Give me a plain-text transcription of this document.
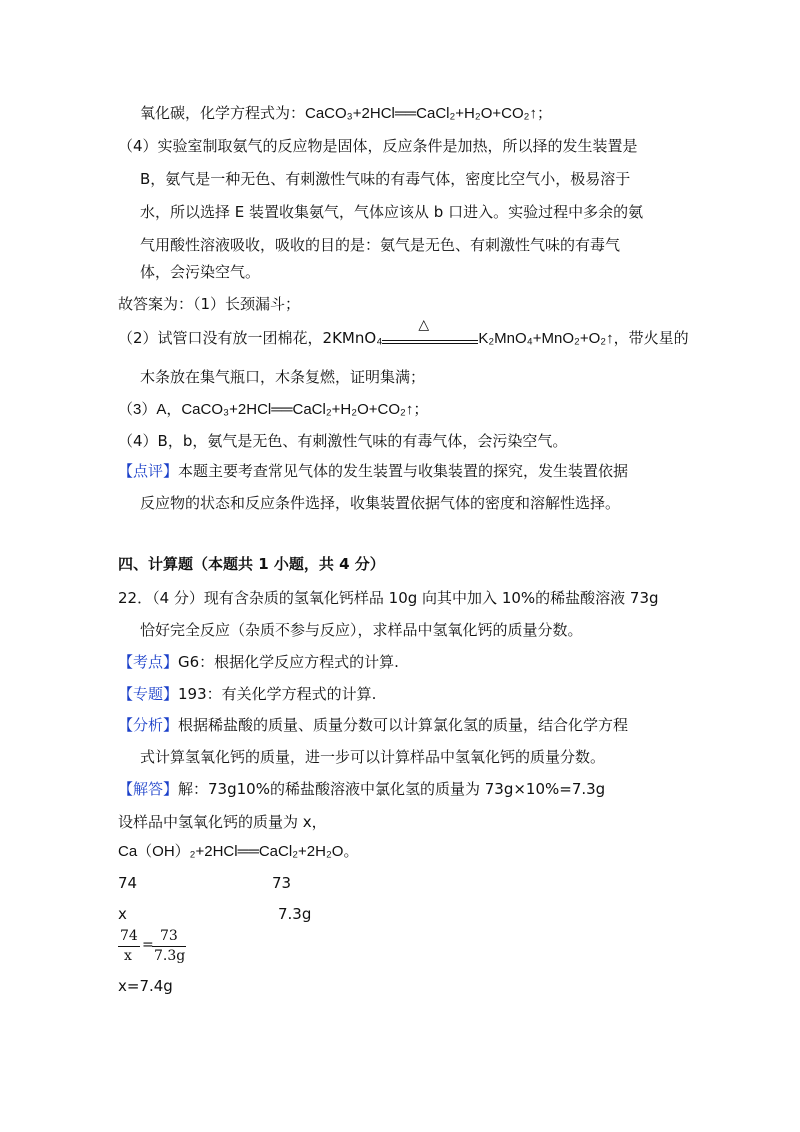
氧化碳，化学方程式为：CaCO₃+2HCl══CaCl₂+H₂O+CO₂↑；
（4）实验室制取氨气的反应物是固体，反应条件是加热，所以择的发生装置是
B，氨气是一种无色、有刺激性气味的有毒气体，密度比空气小，极易溶于
水，所以选择 E 装置收集氨气，气体应该从 b 口进入。实验过程中多余的氨
气用酸性溶液吸收，吸收的目的是：氨气是无色、有刺激性气味的有毒气
体，会污染空气。
故答案为：（1）长颈漏斗；
（2）试管口没有放一团棉花，2KMnO₄
△
K₂MnO₄+MnO₂+O₂↑，带火星的
木条放在集气瓶口，木条复燃，证明集满；
（3）A，CaCO₃+2HCl══CaCl₂+H₂O+CO₂↑；
（4）B，b，氨气是无色、有刺激性气味的有毒气体，会污染空气。
【点评】本题主要考查常见气体的发生装置与收集装置的探究，发生装置依据
反应物的状态和反应条件选择，收集装置依据气体的密度和溶解性选择。
四、计算题（本题共 1 小题，共 4 分）
22．（4 分）现有含杂质的氢氧化钙样品 10g 向其中加入 10%的稀盐酸溶液 73g
恰好完全反应（杂质不参与反应），求样品中氢氧化钙的质量分数。
【考点】G6：根据化学反应方程式的计算.
【专题】193：有关化学方程式的计算.
【分析】根据稀盐酸的质量、质量分数可以计算氯化氢的质量，结合化学方程
式计算氢氧化钙的质量，进一步可以计算样品中氢氧化钙的质量分数。
【解答】解：73g10%的稀盐酸溶液中氯化氢的质量为 73g×10%=7.3g
设样品中氢氧化钙的质量为 x，
Ca（OH）₂+2HCl══CaCl₂+2H₂O。
74	73
x	7.3g
74
x
=
73
7.3g
x=7.4g
